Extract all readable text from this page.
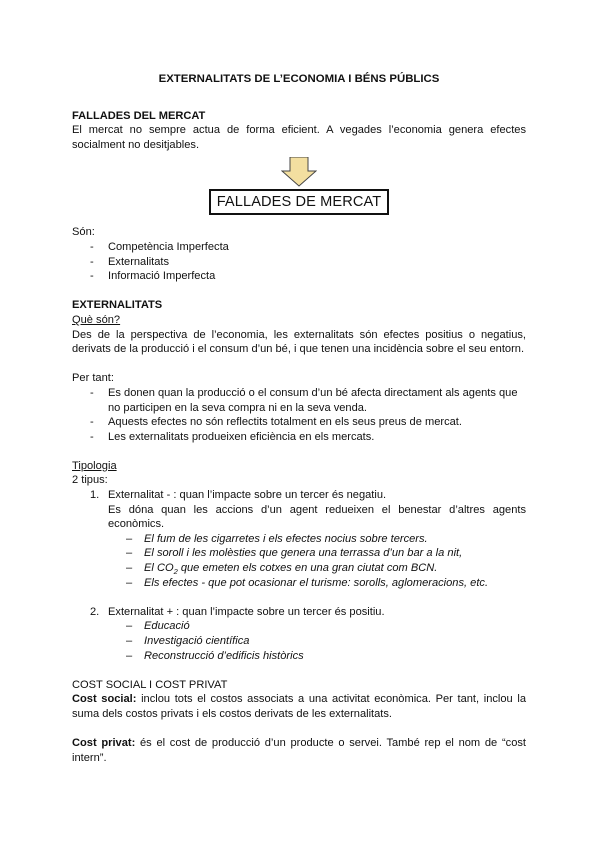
EXTERNALITATS DE L’ECONOMIA I BÉNS PÚBLICS

FALLADES DEL MERCAT

El mercat no sempre actua de forma eficient. A vegades l’economia genera efectes socialment no desitjables.

FALLADES DE MERCAT

Són:

- Competència Imperfecta
- Externalitats
- Informació Imperfecta

EXTERNALITATS

Què són?

Des de la perspectiva de l’economia, les externalitats són efectes positius o negatius, derivats de la producció i el consum d’un bé, i que tenen una incidència sobre el seu entorn.

Per tant:

- Es donen quan la producció o el consum d’un bé afecta directament als agents que no participen en la seva compra ni en la seva venda.
- Aquests efectes no són reflectits totalment en els seus preus de mercat.
- Les externalitats produeixen eficiència en els mercats.

Tipologia

2 tipus:

1. Externalitat - : quan l’impacte sobre un tercer és negatiu.

Es dóna quan les accions d’un agent redueixen el benestar d’altres agents econòmics.

– El fum de les cigarretes i els efectes nocius sobre tercers.
– El soroll i les molèsties que genera una terrassa d’un bar a la nit,
– El $CO_2$ que emeten els cotxes en una gran ciutat com BCN.
– Els efectes - que pot ocasionar el turisme: sorolls, aglomeracions, etc.
2. Externalitat + : quan l’impacte sobre un tercer és positiu.

– Educació
– Investigació científica
– Reconstrucció d’edificis històrics

COST SOCIAL I COST PRIVAT

Cost social: inclou tots el costos associats a una activitat econòmica. Per tant, inclou la suma dels costos privats i els costos derivats de les externalitats.

Cost privat: és el cost de producció d’un producte o servei. També rep el nom de “cost intern”.
